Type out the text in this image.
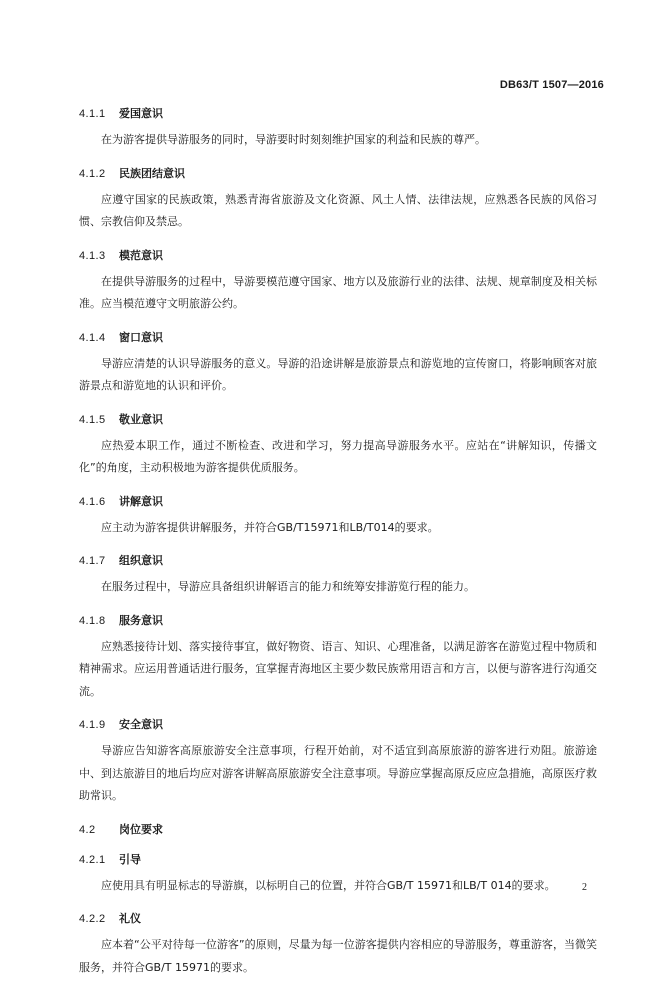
DB63/T 1507—2016
4.1.1 爱国意识

在为游客提供导游服务的同时，导游要时时刻刻维护国家的利益和民族的尊严。

4.1.2 民族团结意识

应遵守国家的民族政策，熟悉青海省旅游及文化资源、风土人情、法律法规，应熟悉各民族的风俗习惯、宗教信仰及禁忌。

4.1.3 模范意识

在提供导游服务的过程中，导游要模范遵守国家、地方以及旅游行业的法律、法规、规章制度及相关标准。应当模范遵守文明旅游公约。

4.1.4 窗口意识

导游应清楚的认识导游服务的意义。导游的沿途讲解是旅游景点和游览地的宣传窗口，将影响顾客对旅游景点和游览地的认识和评价。

4.1.5 敬业意识

应热爱本职工作，通过不断检查、改进和学习，努力提高导游服务水平。应站在“讲解知识，传播文化”的角度，主动积极地为游客提供优质服务。

4.1.6 讲解意识

应主动为游客提供讲解服务，并符合GB/T15971和LB/T014的要求。

4.1.7 组织意识

在服务过程中，导游应具备组织讲解语言的能力和统筹安排游览行程的能力。

4.1.8 服务意识

应熟悉接待计划、落实接待事宜，做好物资、语言、知识、心理准备，以满足游客在游览过程中物质和精神需求。应运用普通话进行服务，宜掌握青海地区主要少数民族常用语言和方言，以便与游客进行沟通交流。

4.1.9 安全意识

导游应告知游客高原旅游安全注意事项，行程开始前，对不适宜到高原旅游的游客进行劝阻。旅游途中、到达旅游目的地后均应对游客讲解高原旅游安全注意事项。导游应掌握高原反应应急措施，高原医疗救助常识。

4.2 岗位要求
4.2.1 引导

应使用具有明显标志的导游旗，以标明自己的位置，并符合GB/T 15971和LB/T 014的要求。

4.2.2 礼仪

应本着“公平对待每一位游客”的原则，尽量为每一位游客提供内容相应的导游服务，尊重游客，当微笑服务，并符合GB/T 15971的要求。

2
